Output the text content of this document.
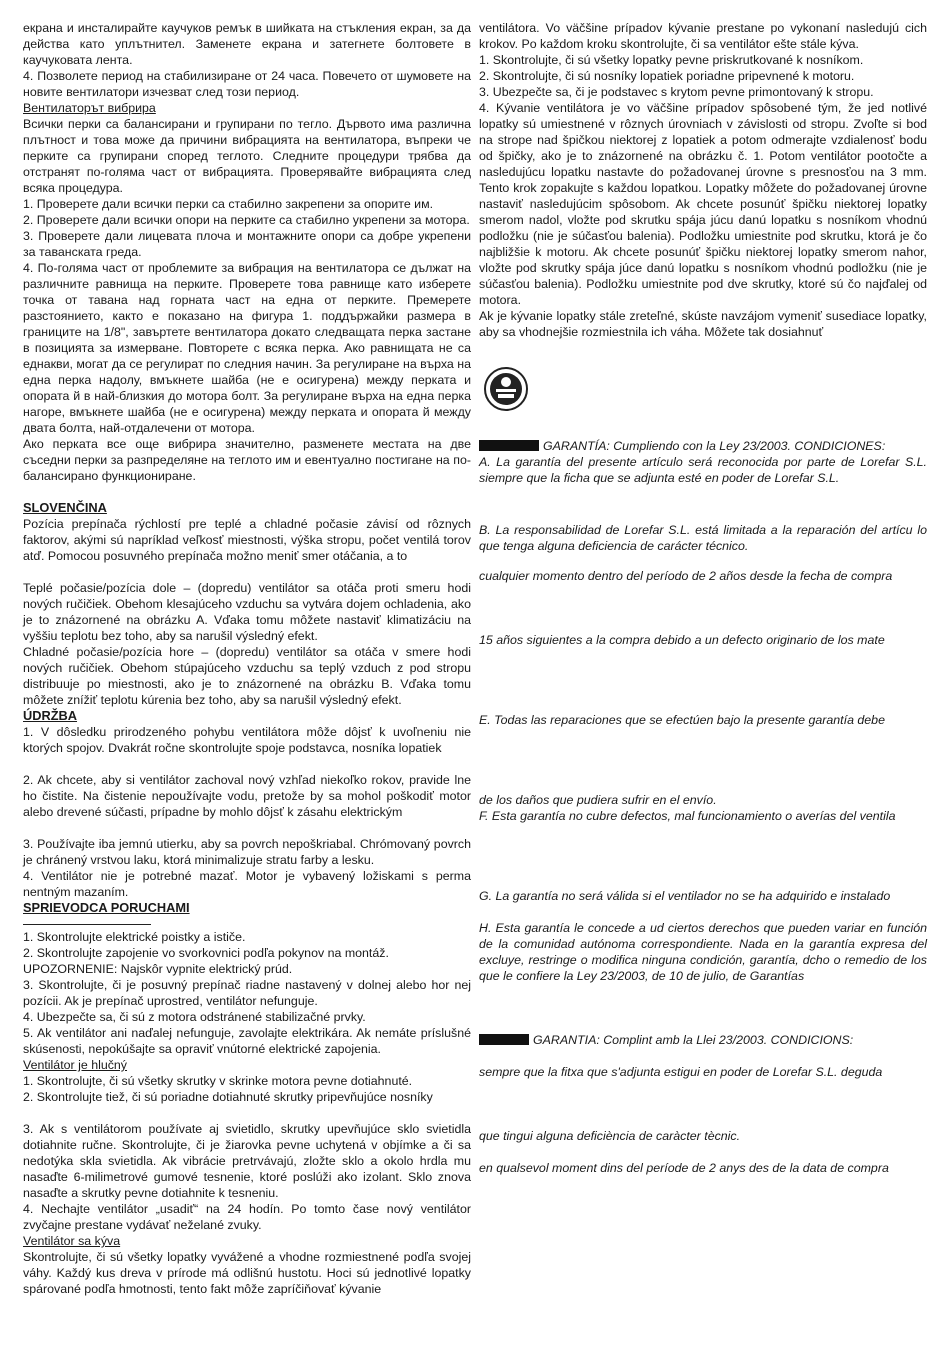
екрана и инсталирайте каучуков ремък в шийката на стъкления екран, за да действа като уплътнител. Заменете екрана и затегнете болтовете в каучуковата лента.

4. Позволете период на стабилизиране от 24 часа. Повечето от шумовете на новите вентилатори изчезват след този период.

Вентилаторът вибрира

Всички перки са балансирани и групирани по тегло. Дървото има различна плътност и това може да причини вибрацията на вентилатора, въпреки че перките са групирани според теглото. Следните процедури трябва да отстранят по-голяма част от вибрацията. Проверявайте вибрацията след всяка процедура.

1. Проверете дали всички перки са стабилно закрепени за опорите им.

2. Проверете дали всички опори на перките са стабилно укрепени за мотора.

3. Проверете дали лицевата плоча и монтажните опори са добре укрепени за таванската греда.

4. По-голяма част от проблемите за вибрация на вентилатора се дължат на различните равнища на перките. Проверете това равнище като изберете точка от тавана над горната част на една от перките. Премерете разстоянието, както е показано на фигура 1. поддържайки размера в границите на 1/8", завъртете вентилатора докато следващата перка застане в позицията за измерване. Повторете с всяка перка. Ако равнищата не са еднакви, могат да се регулират по следния начин. За регулиране на върха на една перка надолу, вмъкнете шайба (не е осигурена) между перката и опората й в най-близкия до мотора болт. За регулиране върха на една перка нагоре, вмъкнете шайба (не е осигурена) между перката и опората й между двата болта, най-отдалечени от мотора.

Ако перката все още вибрира значително, разменете местата на две съседни перки за разпределяне на теглото им и евентуално постигане на по-балансирано функциониране.

SLOVENČINA

Pozícia prepínača rýchlostí pre teplé a chladné počasie závisí od rôznych faktorov, akými sú napríklad veľkosť miestnosti, výška stropu, počet ventilá torov atď. Pomocou posuvného prepínača možno meniť smer otáčania, a to

Teplé počasie/pozícia dole – (dopredu) ventilátor sa otáča proti smeru hodi nových ručičiek. Obehom klesajúceho vzduchu sa vytvára dojem ochladenia, ako je to znázornené na obrázku A. Vďaka tomu môžete nastaviť klimatizáciu na vyššiu teplotu bez toho, aby sa narušil výsledný efekt.

Chladné počasie/pozícia hore – (dopredu) ventilátor sa otáča v smere hodi nových ručičiek. Obehom stúpajúceho vzduchu sa teplý vzduch z pod stropu distribuuje po miestnosti, ako je to znázornené na obrázku B. Vďaka tomu môžete znížiť teplotu kúrenia bez toho, aby sa narušil výsledný efekt.

ÚDRŽBA

1. V dôsledku prirodzeného pohybu ventilátora môže dôjsť k uvoľneniu nie ktorých spojov. Dvakrát ročne skontrolujte spoje podstavca, nosníka lopatiek

2. Ak chcete, aby si ventilátor zachoval nový vzhľad niekoľko rokov, pravide lne ho čistite. Na čistenie nepoužívajte vodu, pretože by sa mohol poškodiť motor alebo drevené súčasti, prípadne by mohlo dôjsť k zásahu elektrickým

3. Používajte iba jemnú utierku, aby sa povrch nepoškriabal. Chrómovaný povrch je chránený vrstvou laku, ktorá minimalizuje stratu farby a lesku.

4. Ventilátor nie je potrebné mazať. Motor je vybavený ložiskami s perma nentným mazaním.

SPRIEVODCA PORUCHAMI

1. Skontrolujte elektrické poistky a ističe.

2. Skontrolujte zapojenie vo svorkovnici podľa pokynov na montáž.

UPOZORNENIE: Najskôr vypnite elektrický prúd.

3. Skontrolujte, či je posuvný prepínač riadne nastavený v dolnej alebo hor nej pozícii. Ak je prepínač uprostred, ventilátor nefunguje.

4. Ubezpečte sa, či sú z motora odstránené stabilizačné prvky.

5. Ak ventilátor ani naďalej nefunguje, zavolajte elektrikára. Ak nemáte príslušné skúsenosti, nepokúšajte sa opraviť vnútorné elektrické zapojenia.

Ventilátor je hlučný

1. Skontrolujte, či sú všetky skrutky v skrinke motora pevne dotiahnuté.

2. Skontrolujte tiež, či sú poriadne dotiahnuté skrutky pripevňujúce nosníky

3. Ak s ventilátorom používate aj svietidlo, skrutky upevňujúce sklo svietidla dotiahnite ručne. Skontrolujte, či je žiarovka pevne uchytená v objímke a či sa nedotýka skla svietidla. Ak vibrácie pretrvávajú, zložte sklo a okolo hrdla mu nasaďte 6-milimetrové gumové tesnenie, ktoré poslúži ako izolant. Sklo znova nasaďte a skrutky pevne dotiahnite k tesneniu.

4. Nechajte ventilátor „usadiť“ na 24 hodín. Po tomto čase nový ventilátor zvyčajne prestane vydávať neželané zvuky.

Ventilátor sa kýva

Skontrolujte, či sú všetky lopatky vyvážené a vhodne rozmiestnené podľa svojej váhy. Každý kus dreva v prírode má odlišnú hustotu. Hoci sú jednotlivé lopatky spárované podľa hmotnosti, tento fakt môže zapríčiňovať kývanie

ventilátora. Vo väčšine prípadov kývanie prestane po vykonaní nasledujú cich krokov. Po každom kroku skontrolujte, či sa ventilátor ešte stále kýva.

1. Skontrolujte, či sú všetky lopatky pevne priskrutkované k nosníkom.

2. Skontrolujte, či sú nosníky lopatiek poriadne pripevnené k motoru.

3. Ubezpečte sa, či je podstavec s krytom pevne primontovaný k stropu.

4. Kývanie ventilátora je vo väčšine prípadov spôsobené tým, že jed notlivé lopatky sú umiestnené v rôznych úrovniach v závislosti od stropu. Zvoľte si bod na strope nad špičkou niektorej z lopatiek a potom odmerajte vzdialenosť bodu od špičky, ako je to znázornené na obrázku č. 1. Potom ventilátor pootočte a nasledujúcu lopatku nastavte do požadovanej úrovne s presnosťou na 3 mm. Tento krok zopakujte s každou lopatkou. Lopatky môžete do požadovanej úrovne nastaviť nasledujúcim spôsobom. Ak chcete posunúť špičku niektorej lopatky smerom nadol, vložte pod skrutku spája júcu danú lopatku s nosníkom vhodnú podložku (nie je súčasťou balenia). Podložku umiestnite pod skrutku, ktorá je čo najbližšie k motoru. Ak chcete posunúť špičku niektorej lopatky smerom nahor, vložte pod skrutky spája júce danú lopatku s nosníkom vhodnú podložku (nie je súčasťou balenia). Podložku umiestnite pod dve skrutky, ktoré sú čo najďalej od motora.

Ak je kývanie lopatky stále zreteľné, skúste navzájom vymeniť susediace lopatky, aby sa vhodnejšie rozmiestnila ich váha. Môžete tak dosiahnuť

GARANTÍA: Cumpliendo con la Ley 23/2003. CONDICIONES:

A. La garantía del presente artículo será reconocida por parte de Lorefar S.L. siempre que la ficha que se adjunta esté en poder de Lorefar S.L.

B. La responsabilidad de Lorefar S.L. está limitada a la reparación del artícu lo que tenga alguna deficiencia de carácter técnico.

cualquier momento dentro del período de 2 años desde la fecha de compra

15 años siguientes a la compra debido a un defecto originario de los mate

E. Todas las reparaciones que se efectúen bajo la presente garantía debe

de los daños que pudiera sufrir en el envío.

F. Esta garantía no cubre defectos, mal funcionamiento o averías del ventila

G. La garantía no será válida si el ventilador no se ha adquirido e instalado

H. Esta garantía le concede a ud ciertos derechos que pueden variar en función de la comunidad autónoma correspondiente. Nada en la garantía expresa del excluye, restringe o modifica ninguna condición, garantía, dcho o remedio de los que le confiere la Ley 23/2003, de 10 de julio, de Garantías

GARANTIA: Complint amb la Llei 23/2003. CONDICIONS:

sempre que la fitxa que s'adjunta estigui en poder de Lorefar S.L. deguda

que tingui alguna deficiència de caràcter tècnic.

en qualsevol moment dins del període de 2 anys des de la data de compra
